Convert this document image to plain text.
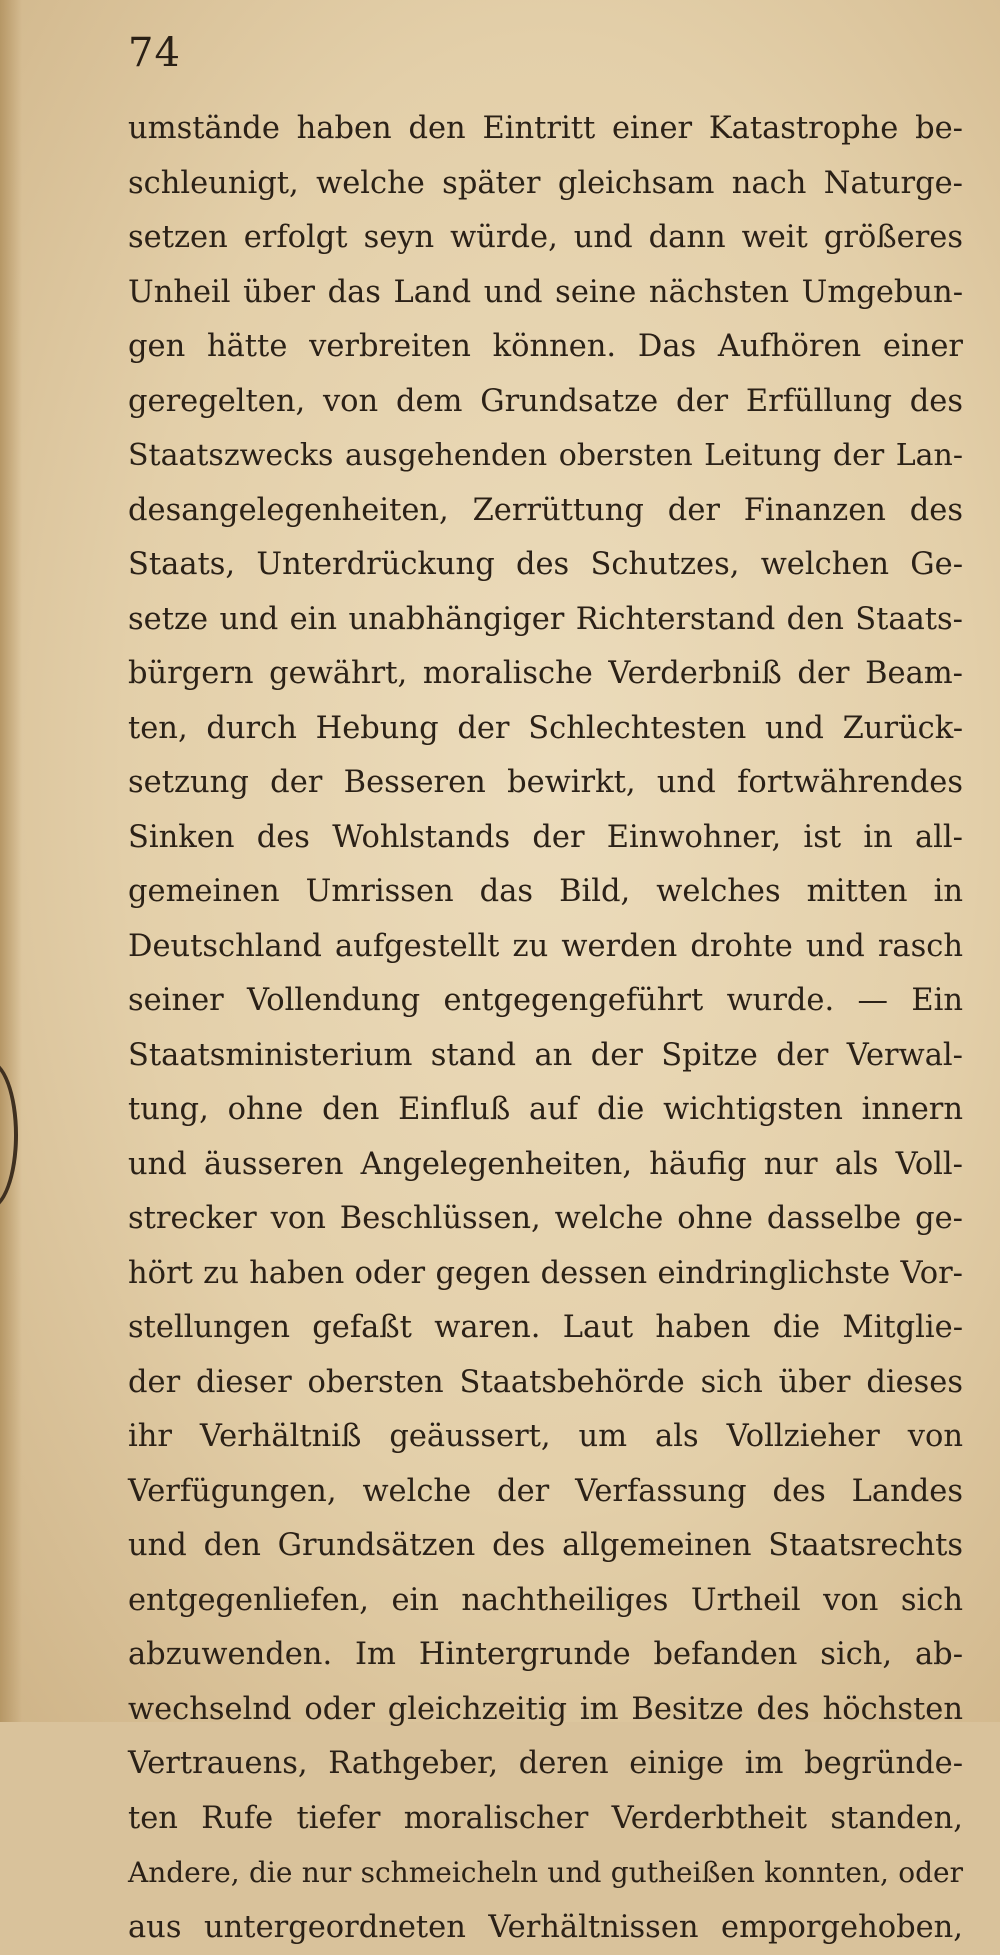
74
umstände haben den Eintritt einer Katastrophe be-
schleunigt, welche später gleichsam nach Naturge-
setzen erfolgt seyn würde, und dann weit größeres
Unheil über das Land und seine nächsten Umgebun-
gen hätte verbreiten können. Das Aufhören einer
geregelten, von dem Grundsatze der Erfüllung des
Staatszwecks ausgehenden obersten Leitung der Lan-
desangelegenheiten, Zerrüttung der Finanzen des
Staats, Unterdrückung des Schutzes, welchen Ge-
setze und ein unabhängiger Richterstand den Staats-
bürgern gewährt, moralische Verderbniß der Beam-
ten, durch Hebung der Schlechtesten und Zurück-
setzung der Besseren bewirkt, und fortwährendes
Sinken des Wohlstands der Einwohner, ist in all-
gemeinen Umrissen das Bild, welches mitten in
Deutschland aufgestellt zu werden drohte und rasch
seiner Vollendung entgegengeführt wurde. — Ein
Staatsministerium stand an der Spitze der Verwal-
tung, ohne den Einfluß auf die wichtigsten innern
und äusseren Angelegenheiten, häufig nur als Voll-
strecker von Beschlüssen, welche ohne dasselbe ge-
hört zu haben oder gegen dessen eindringlichste Vor-
stellungen gefaßt waren. Laut haben die Mitglie-
der dieser obersten Staatsbehörde sich über dieses
ihr Verhältniß geäussert, um als Vollzieher von
Verfügungen, welche der Verfassung des Landes
und den Grundsätzen des allgemeinen Staatsrechts
entgegenliefen, ein nachtheiliges Urtheil von sich
abzuwenden. Im Hintergrunde befanden sich, ab-
wechselnd oder gleichzeitig im Besitze des höchsten
Vertrauens, Rathgeber, deren einige im begründe-
ten Rufe tiefer moralischer Verderbtheit standen,
Andere, die nur schmeicheln und gutheißen konnten, oder
aus untergeordneten Verhältnissen emporgehoben,
